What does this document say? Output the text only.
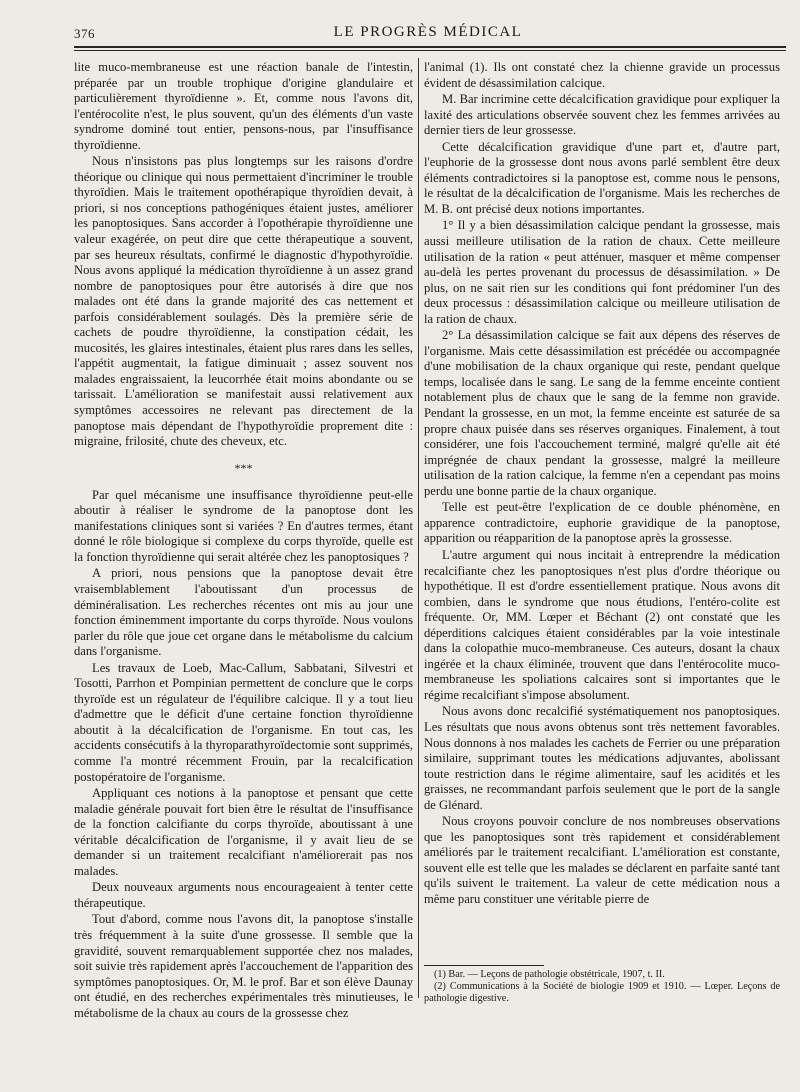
376	LE PROGRÈS MÉDICAL

lite muco-membraneuse est une réaction banale de l'intestin, préparée par un trouble trophique d'origine glandulaire et particulièrement thyroïdienne ». Et, comme nous l'avons dit, l'entérocolite n'est, le plus souvent, qu'un des éléments d'un vaste syndrome dominé tout entier, pensons-nous, par l'insuffisance thyroïdienne.

Nous n'insistons pas plus longtemps sur les raisons d'ordre théorique ou clinique qui nous permettaient d'incriminer le trouble thyroïdien. Mais le traitement opothérapique thyroïdien devait, à priori, si nos conceptions pathogéniques étaient justes, améliorer les panoptosiques. Sans accorder à l'opothérapie thyroïdienne une valeur exagérée, on peut dire que cette thérapeutique a souvent, par ses heureux résultats, confirmé le diagnostic d'hypothyroïdie. Nous avons appliqué la médication thyroïdienne à un assez grand nombre de panoptosiques pour être autorisés à dire que nos malades ont été dans la grande majorité des cas nettement et parfois considérablement soulagés. Dès la première série de cachets de poudre thyroïdienne, la constipation cédait, les mucosités, les glaires intestinales, étaient plus rares dans les selles, l'appétit augmentait, la fatigue diminuait ; assez souvent nos malades engraissaient, la leucorrhée était moins abondante ou se tarissait. L'amélioration se manifestait aussi relativement aux symptômes accessoires ne relevant pas directement de la panoptose mais dépendant de l'hypothyroïdie proprement dite : migraine, frilosité, chute des cheveux, etc.

***

Par quel mécanisme une insuffisance thyroïdienne peut-elle aboutir à réaliser le syndrome de la panoptose dont les manifestations cliniques sont si variées ? En d'autres termes, étant donné le rôle biologique si complexe du corps thyroïde, quelle est la fonction thyroïdienne qui serait altérée chez les panoptosiques ?

A priori, nous pensions que la panoptose devait être vraisemblablement l'aboutissant d'un processus de déminéralisation. Les recherches récentes ont mis au jour une fonction éminemment importante du corps thyroïde. Nous voulons parler du rôle que joue cet organe dans le métabolisme du calcium dans l'organisme.

Les travaux de Loeb, Mac-Callum, Sabbatani, Silvestri et Tosotti, Parrhon et Pompinian permettent de conclure que le corps thyroïde est un régulateur de l'équilibre calcique. Il y a tout lieu d'admettre que le déficit d'une certaine fonction thyroïdienne aboutit à la décalcification de l'organisme. En tout cas, les accidents consécutifs à la thyroparathyroïdectomie sont supprimés, comme l'a montré récemment Frouin, par la recalcification postopératoire de l'organisme.

Appliquant ces notions à la panoptose et pensant que cette maladie générale pouvait fort bien être le résultat de l'insuffisance de la fonction calcifiante du corps thyroïde, aboutissant à une véritable décalcification de l'organisme, il y avait lieu de se demander si un traitement recalcifiant n'améliorerait pas nos malades.

Deux nouveaux arguments nous encourageaient à tenter cette thérapeutique.

Tout d'abord, comme nous l'avons dit, la panoptose s'installe très fréquemment à la suite d'une grossesse. Il semble que la gravidité, souvent remarquablement supportée chez nos malades, soit suivie très rapidement après l'accouchement de l'apparition des symptômes panoptosiques. Or, M. le prof. Bar et son élève Daunay ont étudié, en des recherches expérimentales très minutieuses, le métabolisme de la chaux au cours de la grossesse chez

l'animal (1). Ils ont constaté chez la chienne gravide un processus évident de désassimilation calcique.

M. Bar incrimine cette décalcification gravidique pour expliquer la laxité des articulations observée souvent chez les femmes arrivées au dernier tiers de leur grossesse.

Cette décalcification gravidique d'une part et, d'autre part, l'euphorie de la grossesse dont nous avons parlé semblent être deux éléments contradictoires si la panoptose est, comme nous le pensons, le résultat de la décalcification de l'organisme. Mais les recherches de M. B. ont précisé deux notions importantes.

1° Il y a bien désassimilation calcique pendant la grossesse, mais aussi meilleure utilisation de la ration de chaux. Cette meilleure utilisation de la ration « peut atténuer, masquer et même compenser au-delà les pertes provenant du processus de désassimilation. » De plus, on ne sait rien sur les conditions qui font prédominer l'un des deux processus : désassimilation calcique ou meilleure utilisation de la ration de chaux.

2° La désassimilation calcique se fait aux dépens des réserves de l'organisme. Mais cette désassimilation est précédée ou accompagnée d'une mobilisation de la chaux organique qui reste, pendant quelque temps, localisée dans le sang. Le sang de la femme enceinte contient notablement plus de chaux que le sang de la femme non gravide. Pendant la grossesse, en un mot, la femme enceinte est saturée de sa propre chaux puisée dans ses réserves organiques. Finalement, à tout considérer, une fois l'accouchement terminé, malgré qu'elle ait été imprégnée de chaux pendant la grossesse, malgré la meilleure utilisation de la ration calcique, la femme n'en a cependant pas moins perdu une bonne partie de la chaux organique.

Telle est peut-être l'explication de ce double phénomène, en apparence contradictoire, euphorie gravidique de la panoptose, apparition ou réapparition de la panoptose après la grossesse.

L'autre argument qui nous incitait à entreprendre la médication recalcifiante chez les panoptosiques n'est plus d'ordre théorique ou hypothétique. Il est d'ordre essentiellement pratique. Nous avons dit combien, dans le syndrome que nous étudions, l'entéro-colite est fréquente. Or, MM. Lœper et Béchant (2) ont constaté que les déperditions calciques étaient considérables par la voie intestinale dans la colopathie muco-membraneuse. Ces auteurs, dosant la chaux ingérée et la chaux éliminée, trouvent que dans l'entérocolite muco-membraneuse les spoliations calcaires sont si importantes que le régime recalcifiant s'impose absolument.

Nous avons donc recalcifié systématiquement nos panoptosiques. Les résultats que nous avons obtenus sont très nettement favorables. Nous donnons à nos malades les cachets de Ferrier ou une préparation similaire, supprimant toutes les médications adjuvantes, abolissant toute restriction dans le régime alimentaire, sauf les acidités et les graisses, ne recommandant parfois seulement que le port de la sangle de Glénard.

Nous croyons pouvoir conclure de nos nombreuses observations que les panoptosiques sont très rapidement et considérablement améliorés par le traitement recalcifiant. L'amélioration est constante, souvent elle est telle que les malades se déclarent en parfaite santé tant qu'ils suivent le traitement. La valeur de cette médication nous a même paru constituer une véritable pierre de

(1) Bar. — Leçons de pathologie obstétricale, 1907, t. II.

(2) Communications à la Société de biologie 1909 et 1910. — Lœper. Leçons de pathologie digestive.
